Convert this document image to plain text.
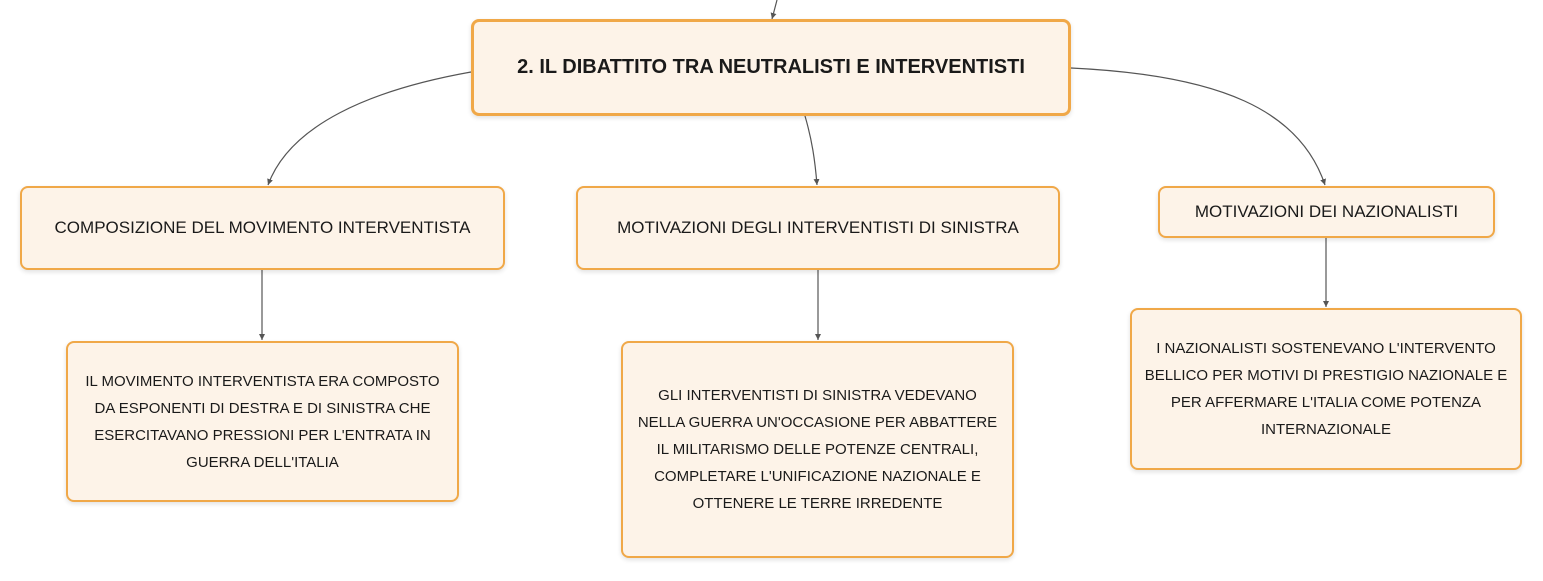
2. IL DIBATTITO TRA NEUTRALISTI E INTERVENTISTI
COMPOSIZIONE DEL MOVIMENTO INTERVENTISTA	MOTIVAZIONI DEGLI INTERVENTISTI DI SINISTRA
MOTIVAZIONI DEI NAZIONALISTI
IL MOVIMENTO INTERVENTISTA ERA COMPOSTO DA ESPONENTI DI DESTRA E DI SINISTRA CHE ESERCITAVANO PRESSIONI PER L'ENTRATA IN GUERRA DELL'ITALIA
GLI INTERVENTISTI DI SINISTRA VEDEVANO NELLA GUERRA UN'OCCASIONE PER ABBATTERE IL MILITARISMO DELLE POTENZE CENTRALI, COMPLETARE L'UNIFICAZIONE NAZIONALE E OTTENERE LE TERRE IRREDENTE
I NAZIONALISTI SOSTENEVANO L'INTERVENTO BELLICO PER MOTIVI DI PRESTIGIO NAZIONALE E PER AFFERMARE L'ITALIA COME POTENZA INTERNAZIONALE
